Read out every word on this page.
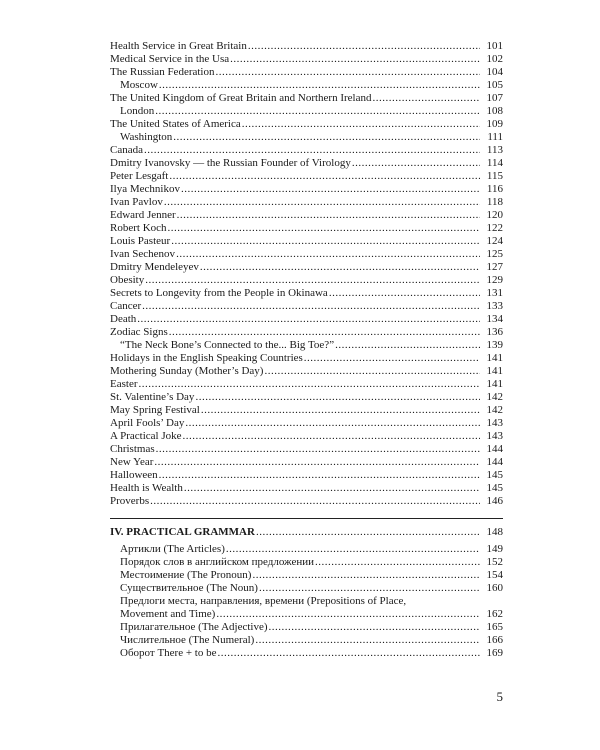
Health Service in Great Britain .....	101
Medical Service in the Usa .....	102
The Russian Federation .....	104
Moscow .....	105
The United Kingdom of Great Britain and Northern Ireland .....	107
London .....	108
The United States of America .....	109
Washington .....	111
Canada .....	113
Dmitry Ivanovsky — the Russian Founder of Virology .....	114
Peter Lesgaft .....	115
Ilya Mechnikov .....	116
Ivan Pavlov .....	118
Edward Jenner .....	120
Robert Koch .....	122
Louis Pasteur .....	124
Ivan Sechenov .....	125
Dmitry Mendeleyev .....	127
Obesity .....	129
Secrets to Longevity from the People in Okinawa .....	131
Cancer .....	133
Death .....	134
Zodiac Signs .....	136
“The Neck Bone’s Connected to the... Big Toe?” .....	139
Holidays in the English Speaking Countries .....	141
Mothering Sunday (Mother’s Day) .....	141
Easter .....	141
St. Valentine’s Day .....	142
May Spring Festival .....	142
April Fools’ Day .....	143
A Practical Joke .....	143
Christmas .....	144
New Year .....	144
Halloween .....	145
Health is Wealth .....	145
Proverbs .....	146
IV. PRACTICAL GRAMMAR .....	148
Артикли (The Articles) .....	149
Порядок слов в английском предложении .....	152
Местоимение (The Pronoun) .....	154
Существительное (The Noun) .....	160
Предлоги места, направления, времени (Prepositions of Place,
Movement and Time) .....	162
Прилагательное (The Adjective) .....	165
Числительное (The Numeral) .....	166
Оборот There + to be .....	169
5
